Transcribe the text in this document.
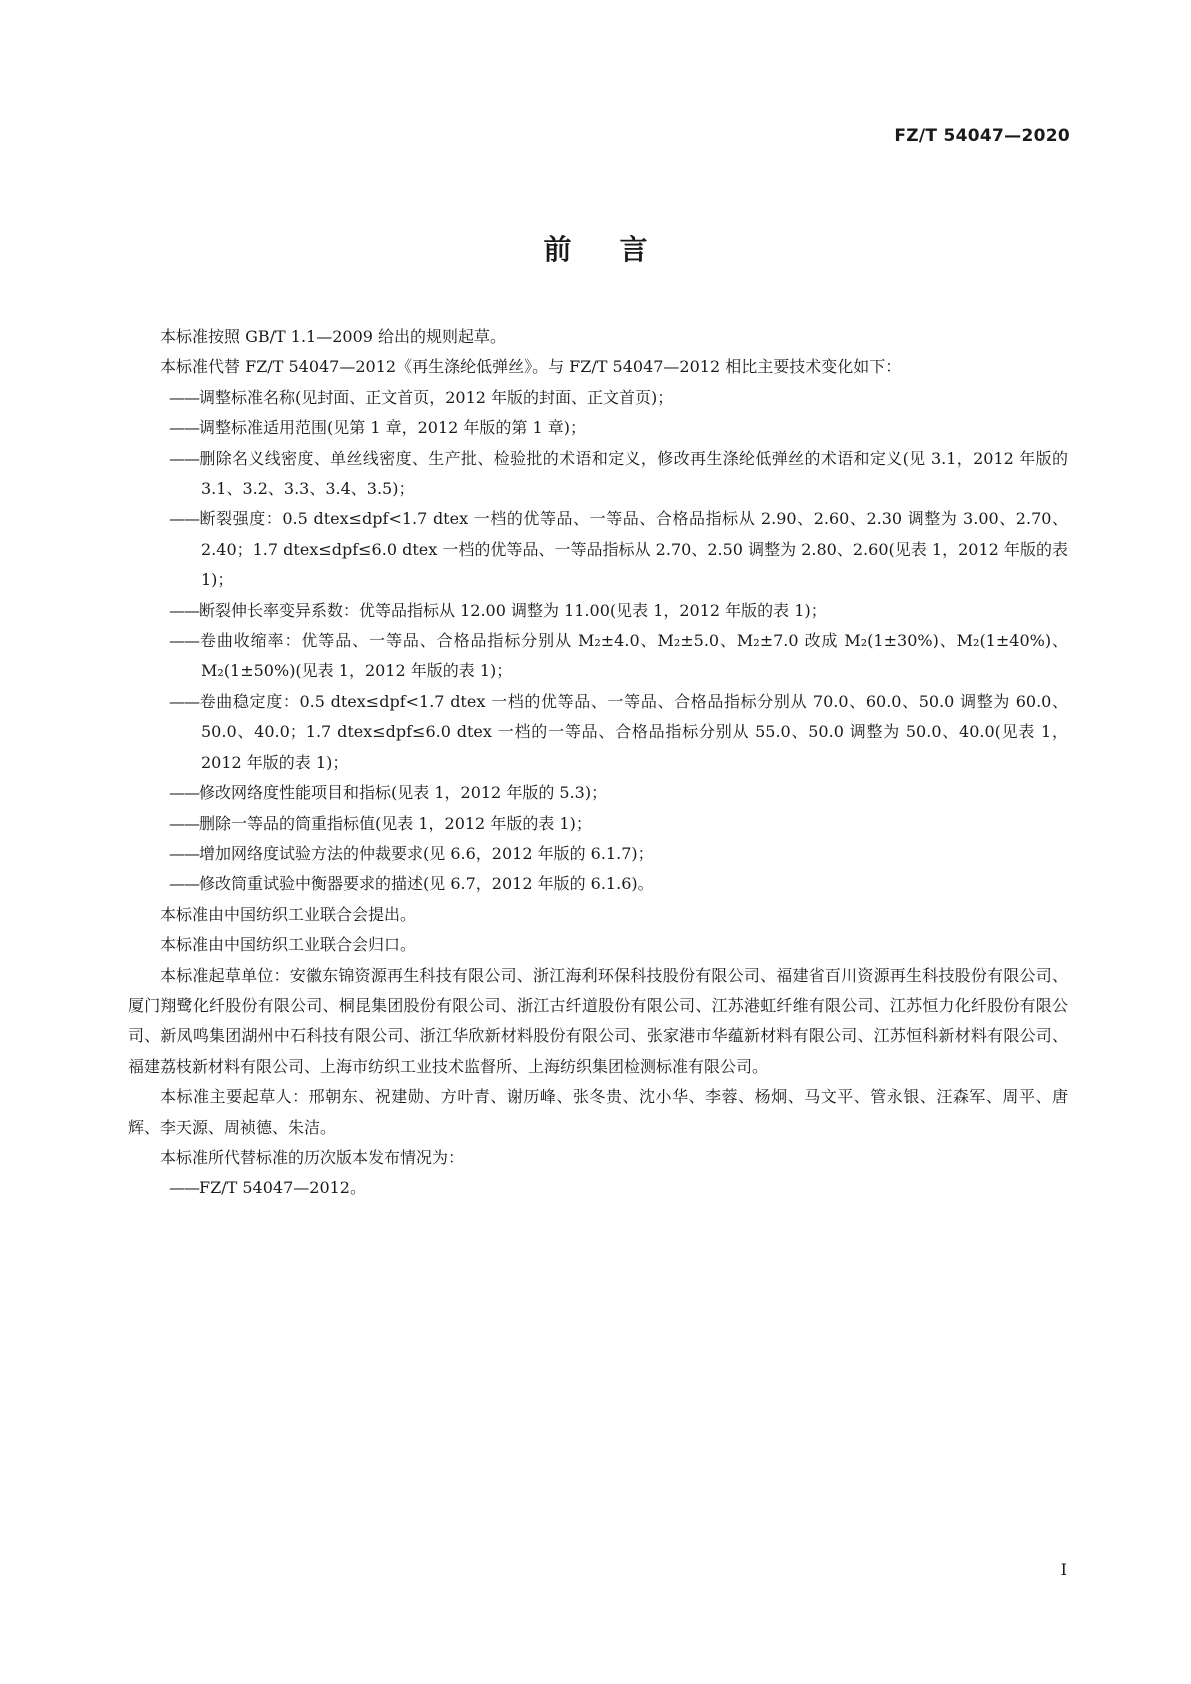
FZ/T 54047—2020
前言

本标准按照 GB/T 1.1—2009 给出的规则起草。

本标准代替 FZ/T 54047—2012《再生涤纶低弹丝》。与 FZ/T 54047—2012 相比主要技术变化如下：

——调整标准名称(见封面、正文首页，2012 年版的封面、正文首页)；

——调整标准适用范围(见第 1 章，2012 年版的第 1 章)；

——删除名义线密度、单丝线密度、生产批、检验批的术语和定义，修改再生涤纶低弹丝的术语和定义(见 3.1，2012 年版的 3.1、3.2、3.3、3.4、3.5)；

——断裂强度：0.5 dtex≤dpf<1.7 dtex 一档的优等品、一等品、合格品指标从 2.90、2.60、2.30 调整为 3.00、2.70、2.40；1.7 dtex≤dpf≤6.0 dtex 一档的优等品、一等品指标从 2.70、2.50 调整为 2.80、2.60(见表 1，2012 年版的表 1)；

——断裂伸长率变异系数：优等品指标从 12.00 调整为 11.00(见表 1，2012 年版的表 1)；

——卷曲收缩率：优等品、一等品、合格品指标分别从 M₂±4.0、M₂±5.0、M₂±7.0 改成 M₂(1±30%)、M₂(1±40%)、M₂(1±50%)(见表 1，2012 年版的表 1)；

——卷曲稳定度：0.5 dtex≤dpf<1.7 dtex 一档的优等品、一等品、合格品指标分别从 70.0、60.0、50.0 调整为 60.0、50.0、40.0；1.7 dtex≤dpf≤6.0 dtex 一档的一等品、合格品指标分别从 55.0、50.0 调整为 50.0、40.0(见表 1，2012 年版的表 1)；

——修改网络度性能项目和指标(见表 1，2012 年版的 5.3)；

——删除一等品的筒重指标值(见表 1，2012 年版的表 1)；

——增加网络度试验方法的仲裁要求(见 6.6，2012 年版的 6.1.7)；

——修改筒重试验中衡器要求的描述(见 6.7，2012 年版的 6.1.6)。

本标准由中国纺织工业联合会提出。

本标准由中国纺织工业联合会归口。

本标准起草单位：安徽东锦资源再生科技有限公司、浙江海利环保科技股份有限公司、福建省百川资源再生科技股份有限公司、厦门翔鹭化纤股份有限公司、桐昆集团股份有限公司、浙江古纤道股份有限公司、江苏港虹纤维有限公司、江苏恒力化纤股份有限公司、新凤鸣集团湖州中石科技有限公司、浙江华欣新材料股份有限公司、张家港市华蕴新材料有限公司、江苏恒科新材料有限公司、福建荔枝新材料有限公司、上海市纺织工业技术监督所、上海纺织集团检测标准有限公司。

本标准主要起草人：邢朝东、祝建勋、方叶青、谢历峰、张冬贵、沈小华、李蓉、杨炯、马文平、管永银、汪森军、周平、唐辉、李天源、周祯德、朱洁。

本标准所代替标准的历次版本发布情况为：

——FZ/T 54047—2012。

I
